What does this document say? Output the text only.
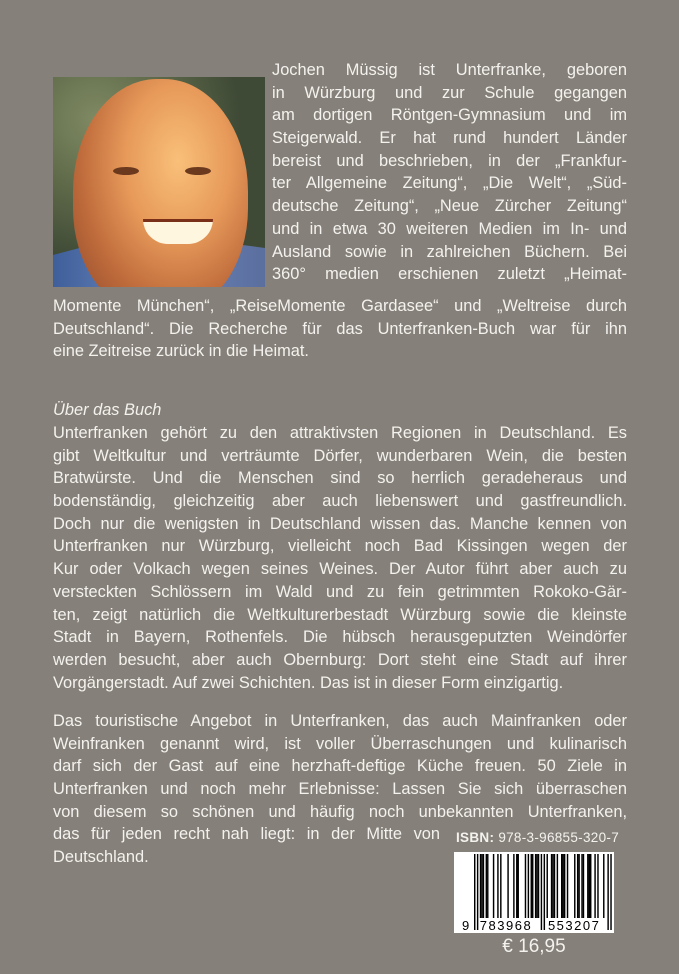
Jochen Müssig ist Unterfranke, geboren
in Würzburg und zur Schule gegangen
am dortigen Röntgen-Gymnasium und im
Steigerwald. Er hat rund hundert Länder
bereist und beschrieben, in der „Frankfur-
ter Allgemeine Zeitung“, „Die Welt“, „Süd-
deutsche Zeitung“, „Neue Zürcher Zeitung“
und in etwa 30 weiteren Medien im In- und
Ausland sowie in zahlreichen Büchern. Bei
360° medien erschienen zuletzt „Heimat-
Momente München“, „ReiseMomente Gardasee“ und „Weltreise durch
Deutschland“. Die Recherche für das Unterfranken-Buch war für ihn
eine Zeitreise zurück in die Heimat.
Über das Buch
Unterfranken gehört zu den attraktivsten Regionen in Deutschland. Es
gibt Weltkultur und verträumte Dörfer, wunderbaren Wein, die besten
Bratwürste. Und die Menschen sind so herrlich geradeheraus und
bodenständig, gleichzeitig aber auch liebenswert und gastfreundlich.
Doch nur die wenigsten in Deutschland wissen das. Manche kennen von
Unterfranken nur Würzburg, vielleicht noch Bad Kissingen wegen der
Kur oder Volkach wegen seines Weines. Der Autor führt aber auch zu
versteckten Schlössern im Wald und zu fein getrimmten Rokoko-Gär-
ten, zeigt natürlich die Weltkulturerbestadt Würzburg sowie die kleinste
Stadt in Bayern, Rothenfels. Die hübsch herausgeputzten Weindörfer
werden besucht, aber auch Obernburg: Dort steht eine Stadt auf ihrer
Vorgängerstadt. Auf zwei Schichten. Das ist in dieser Form einzigartig.
Das touristische Angebot in Unterfranken, das auch Mainfranken oder
Weinfranken genannt wird, ist voller Überraschungen und kulinarisch
darf sich der Gast auf eine herzhaft-deftige Küche freuen. 50 Ziele in
Unterfranken und noch mehr Erlebnisse: Lassen Sie sich überraschen
von diesem so schönen und häufig noch unbekannten Unterfranken,
das für jeden recht nah liegt: in der Mitte von
Deutschland.
ISBN: 978-3-96855-320-7
9 783968 553207
€ 16,95
